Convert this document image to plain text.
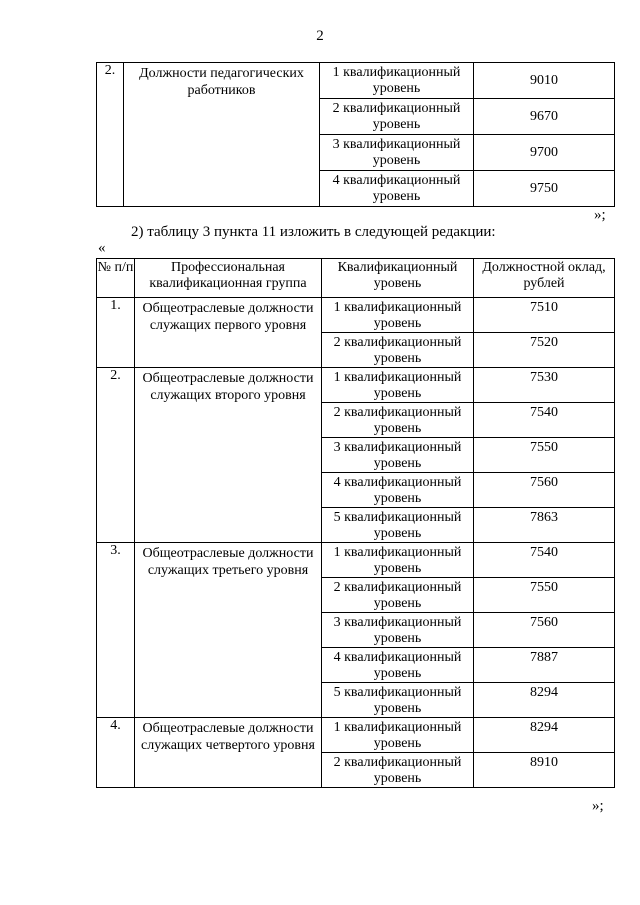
2
2.	Должности педагогических работников	1 квалификационный уровень	9010
		2 квалификационный уровень	9670
		3 квалификационный уровень	9700
		4 квалификационный уровень	9750
»;
2) таблицу 3 пункта 11 изложить в следующей редакции:
«
№ п/п	Профессиональная квалификационная группа	Квалификационный уровень	Должностной оклад, рублей
1.	Общеотраслевые должности служащих первого уровня	1 квалификационный уровень	7510
		2 квалификационный уровень	7520
2.	Общеотраслевые должности служащих второго уровня	1 квалификационный уровень	7530
		2 квалификационный уровень	7540
		3 квалификационный уровень	7550
		4 квалификационный уровень	7560
		5 квалификационный уровень	7863
3.	Общеотраслевые должности служащих третьего уровня	1 квалификационный уровень	7540
		2 квалификационный уровень	7550
		3 квалификационный уровень	7560
		4 квалификационный уровень	7887
		5 квалификационный уровень	8294
4.	Общеотраслевые должности служащих четвертого уровня	1 квалификационный уровень	8294
		2 квалификационный уровень	8910
»;
